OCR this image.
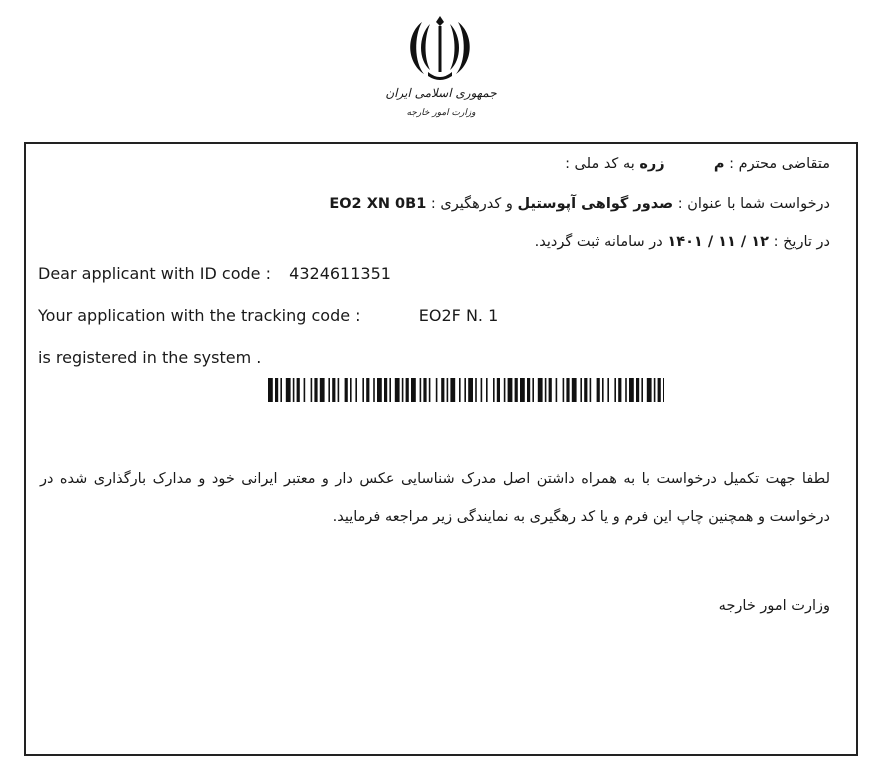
جمهوری اسلامی ایران
وزارت امور خارجه
متقاضی محترم : م  زره به کد ملی :
درخواست شما با عنوان : صدور گواهی آپوستیل و کدرهگیری : EO2 XN 0B1
در تاریخ : ۱۴۰۱ / ۱۱ / ۱۲ در سامانه ثبت گردید.
Dear applicant with ID code : 4324611351
Your application with the tracking code :	EO2F N. 1
is registered in the system .
لطفا جهت تکمیل درخواست با به همراه داشتن اصل مدرک شناسایی عکس دار و معتبر ایرانی خود و مدارک بارگذاری شده در درخواست و همچنین چاپ این فرم و یا کد رهگیری به نمایندگی زیر مراجعه فرمایید.
وزارت امور خارجه
